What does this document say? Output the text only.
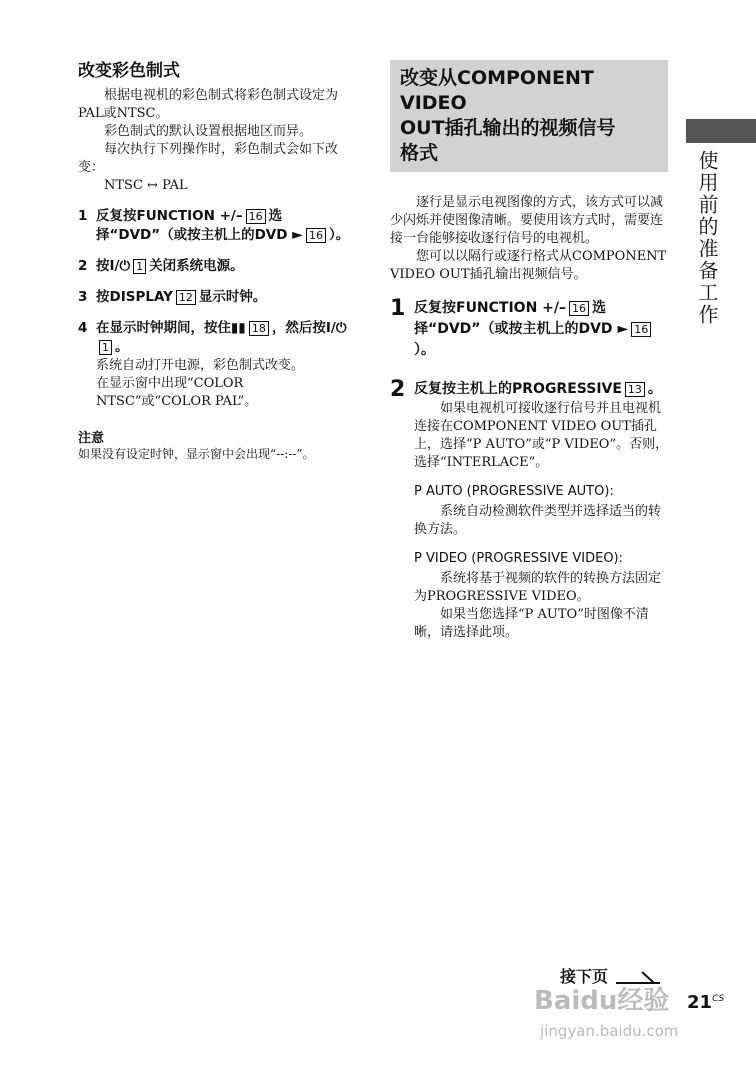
改变彩色制式

根据电视机的彩色制式将彩色制式设定为PAL或NTSC。

彩色制式的默认设置根据地区而异。

每次执行下列操作时，彩色制式会如下改变：

NTSC ↔ PAL

1 反复按FUNCTION +/– 16 选择“DVD”（或按主机上的DVD ► 16 ）。
2 按I/⏻ 1 关闭系统电源。
3 按DISPLAY 12 显示时钟。
4 在显示时钟期间，按住▮▮ 18 ，然后按I/⏻1 。
系统自动打开电源，彩色制式改变。
在显示窗中出现“COLOR NTSC”或“COLOR PAL”。
注意
如果没有设定时钟，显示窗中会出现“--:--”。
改变从COMPONENT VIDEO
OUT插孔输出的视频信号
格式

逐行是显示电视图像的方式，该方式可以减少闪烁并使图像清晰。要使用该方式时，需要连接一台能够接收逐行信号的电视机。

您可以以隔行或逐行格式从COMPONENT VIDEO OUT插孔输出视频信号。

1 反复按FUNCTION +/– 16 选择“DVD”（或按主机上的DVD ► 16）。
2 反复按主机上的PROGRESSIVE 13 。
如果电视机可接收逐行信号并且电视机连接在COMPONENT VIDEO OUT插孔上，选择“P AUTO”或“P VIDEO”。否则，选择“INTERLACE”。
P AUTO (PROGRESSIVE AUTO):
系统自动检测软件类型并选择适当的转换方法。
P VIDEO (PROGRESSIVE VIDEO):
系统将基于视频的软件的转换方法固定为PROGRESSIVE VIDEO。
如果当您选择“P AUTO”时图像不清晰，请选择此项。
使用前的准备工作
接下页
Baidu经验
jingyan.baidu.com
$21^{CS}$
